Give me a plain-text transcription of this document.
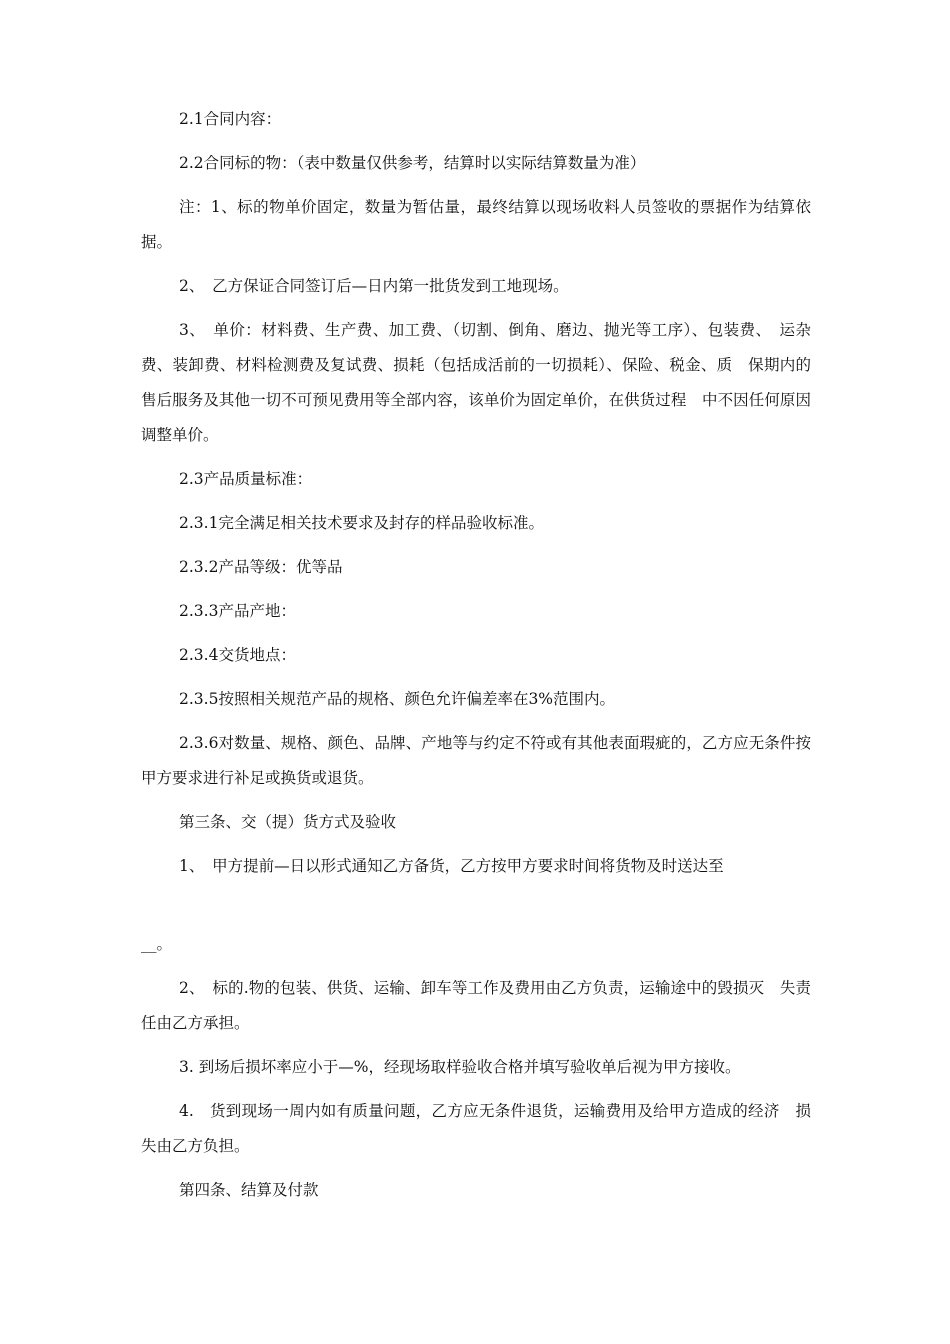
2.1合同内容：

2.2合同标的物：（表中数量仅供参考，结算时以实际结算数量为准）

注：1、标的物单价固定，数量为暂估量，最终结算以现场收料人员签收的票据作为结算依据。

2、　乙方保证合同签订后—日内第一批货发到工地现场。

3、　单价：材料费、生产费、加工费、（切割、倒角、磨边、抛光等工序）、包装费、　运杂费、装卸费、材料检测费及复试费、损耗（包括成活前的一切损耗）、保险、税金、质　保期内的售后服务及其他一切不可预见费用等全部内容，该单价为固定单价，在供货过程　中不因任何原因调整单价。

2.3产品质量标准：

2.3.1完全满足相关技术要求及封存的样品验收标准。

2.3.2产品等级：优等品

2.3.3产品产地：

2.3.4交货地点：

2.3.5按照相关规范产品的规格、颜色允许偏差率在3%范围内。

2.3.6对数量、规格、颜色、品牌、产地等与约定不符或有其他表面瑕疵的，乙方应无条件按甲方要求进行补足或换货或退货。

第三条、交（提）货方式及验收

1、　甲方提前—日以形式通知乙方备货，乙方按甲方要求时间将货物及时送达至

__。

2、　标的.物的包装、供货、运输、卸车等工作及费用由乙方负责，运输途中的毁损灭　失责任由乙方承担。

3. 到场后损坏率应小于—%，经现场取样验收合格并填写验收单后视为甲方接收。

4.　货到现场一周内如有质量问题，乙方应无条件退货，运输费用及给甲方造成的经济　损失由乙方负担。

第四条、结算及付款
